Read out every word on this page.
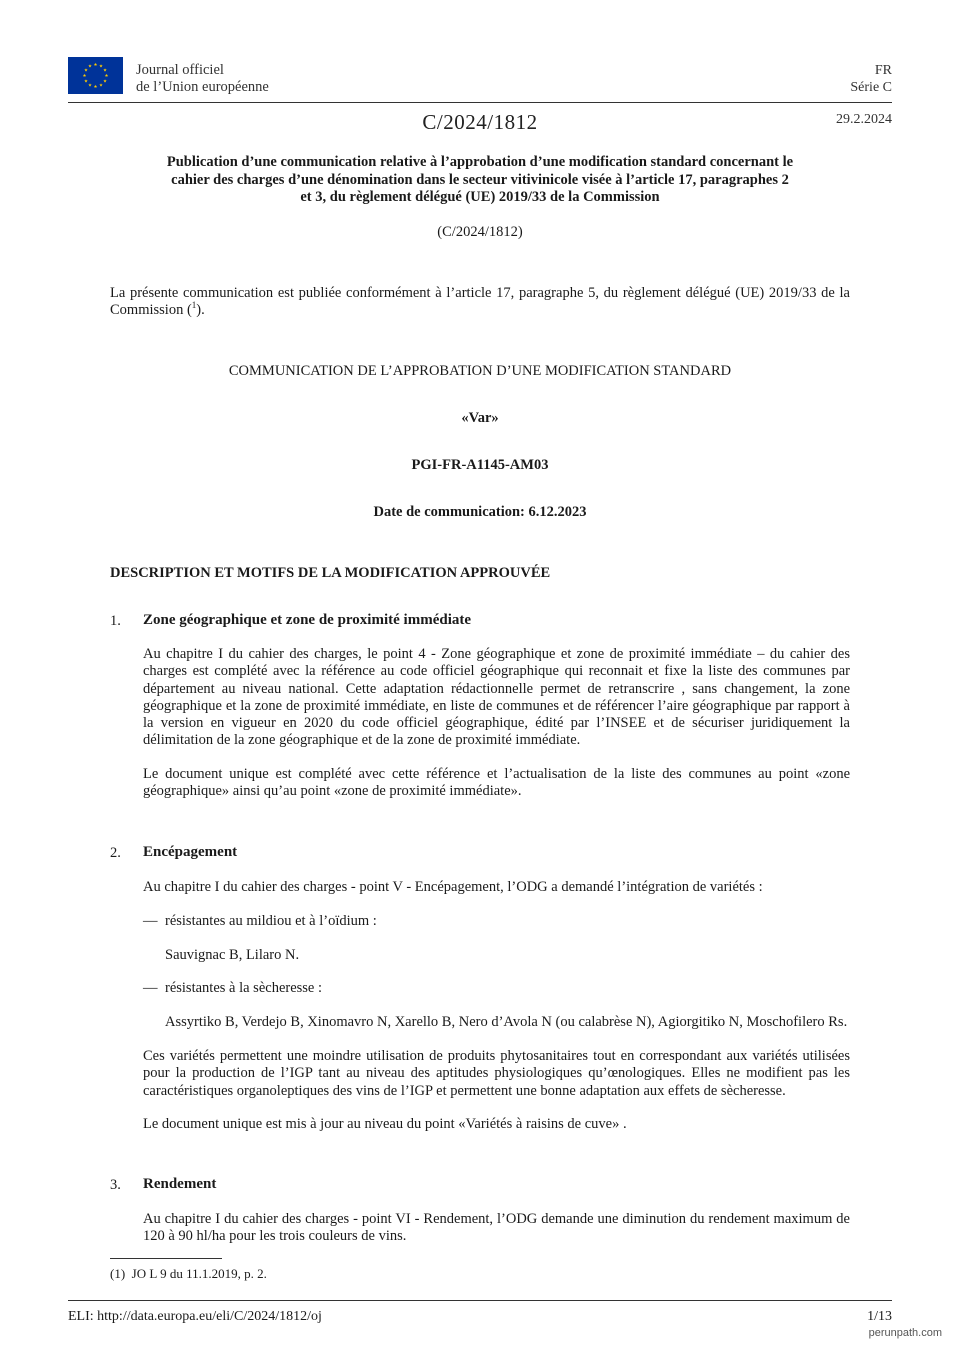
Journal officiel
de l’Union européenne
FR
Série C
C/2024/1812	29.2.2024
Publication d’une communication relative à l’approbation d’une modification standard concernant le
cahier des charges d’une dénomination dans le secteur vitivinicole visée à l’article 17, paragraphes 2
et 3, du règlement délégué (UE) 2019/33 de la Commission
(C/2024/1812)
La présente communication est publiée conformément à l’article 17, paragraphe 5, du règlement délégué (UE) 2019/33 de la Commission ($^1$).
COMMUNICATION DE L’APPROBATION D’UNE MODIFICATION STANDARD
«Var»
PGI-FR-A1145-AM03
Date de communication: 6.12.2023
DESCRIPTION ET MOTIFS DE LA MODIFICATION APPROUVÉE
1. Zone géographique et zone de proximité immédiate
Au chapitre I du cahier des charges, le point 4 - Zone géographique et zone de proximité immédiate – du cahier des charges est complété avec la référence au code officiel géographique qui reconnait et fixe la liste des communes par département au niveau national. Cette adaptation rédactionnelle permet de retranscrire , sans changement, la zone géographique et la zone de proximité immédiate, en liste de communes et de référencer l’aire géographique par rapport à la version en vigueur en 2020 du code officiel géographique, édité par l’INSEE et de sécuriser juridiquement la délimitation de la zone géographique et de la zone de proximité immédiate.
Le document unique est complété avec cette référence et l’actualisation de la liste des communes au point «zone géographique» ainsi qu’au point «zone de proximité immédiate».
2. Encépagement
Au chapitre I du cahier des charges - point V - Encépagement, l’ODG a demandé l’intégration de variétés :
— résistantes au mildiou et à l’oïdium :
Sauvignac B, Lilaro N.
— résistantes à la sècheresse :
Assyrtiko B, Verdejo B, Xinomavro N, Xarello B, Nero d’Avola N (ou calabrèse N), Agiorgitiko N, Moschofilero Rs.
Ces variétés permettent une moindre utilisation de produits phytosanitaires tout en correspondant aux variétés utilisées pour la production de l’IGP tant au niveau des aptitudes physiologiques qu’œnologiques. Elles ne modifient pas les caractéristiques organoleptiques des vins de l’IGP et permettent une bonne adaptation aux effets de sècheresse.
Le document unique est mis à jour au niveau du point «Variétés à raisins de cuve» .
3. Rendement
Au chapitre I du cahier des charges - point VI - Rendement, l’ODG demande une diminution du rendement maximum de 120 à 90 hl/ha pour les trois couleurs de vins.
(1) JO L 9 du 11.1.2019, p. 2.
ELI: http://data.europa.eu/eli/C/2024/1812/oj	1/13
perunpath.com
